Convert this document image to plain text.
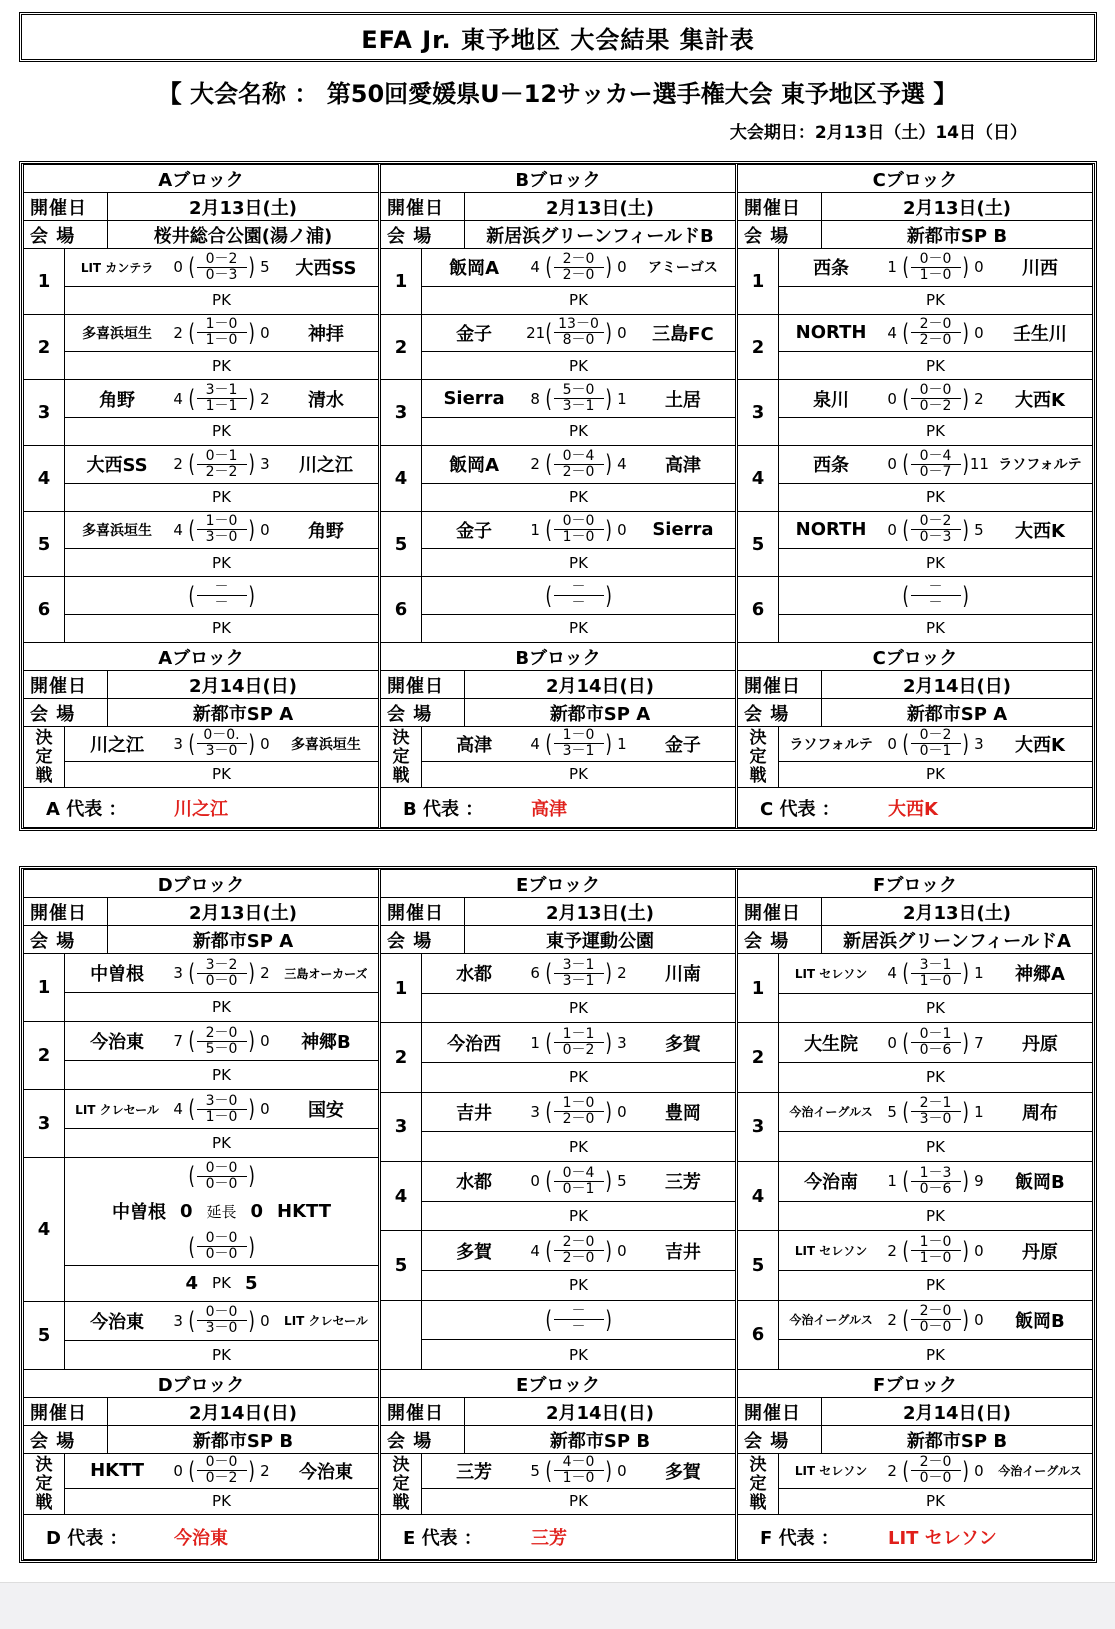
EFA Jr. 東予地区 大会結果 集計表
【 大会名称 ： 第50回愛媛県U－12サッカー選手権大会 東予地区予選 】
大会期日：2月13日（土）14日（日）
Aブロック
開催日	2月13日(土)
会 場	桜井総合公園(湯ノ浦)
1
LIT カンテラ	0 ( $\frac{0-2}{0-3}$ ) 5	大西SS
PK
2
多喜浜垣生	2 ( $\frac{1-0}{1-0}$ ) 0	神拝
PK
3
角野	4 ( $\frac{3-1}{1-1}$ ) 2	清水
PK
4
大西SS	2 ( $\frac{0-1}{2-2}$ ) 3	川之江
PK
5
多喜浜垣生	4 ( $\frac{1-0}{3-0}$ ) 0	角野
PK
6
( $\frac{-}{-}$ )
PK
Aブロック
開催日	2月14日(日)
会 場	新都市SP A
決
定
戦
川之江	3 ( $\frac{0-0.}{3-0}$ ) 0	多喜浜垣生
PK
A 代表 ：	川之江
Bブロック
開催日	2月13日(土)
会 場	新居浜グリーンフィールドB
1
飯岡A	4 ( $\frac{2-0}{2-0}$ ) 0	アミーゴス
PK
2
金子	21 ( $\frac{13-0}{8-0}$ ) 0	三島FC
PK
3
Sierra	8 ( $\frac{5-0}{3-1}$ ) 1	土居
PK
4
飯岡A	2 ( $\frac{0-4}{2-0}$ ) 4	高津
PK
5
金子	1 ( $\frac{0-0}{1-0}$ ) 0	Sierra
PK
6
( $\frac{-}{-}$ )
PK
Bブロック
開催日	2月14日(日)
会 場	新都市SP A
決
定
戦
高津	4 ( $\frac{1-0}{3-1}$ ) 1	金子
PK
B 代表 ：	高津
Cブロック
開催日	2月13日(土)
会 場	新都市SP B
1
西条	1 ( $\frac{0-0}{1-0}$ ) 0	川西
PK
2
NORTH	4 ( $\frac{2-0}{2-0}$ ) 0	壬生川
PK
3
泉川	0 ( $\frac{0-0}{0-2}$ ) 2	大西K
PK
4
西条	0 ( $\frac{0-4}{0-7}$ ) 11 ラソフォルテ
PK
5
NORTH	0 ( $\frac{0-2}{0-3}$ ) 5	大西K
PK
6
( $\frac{-}{-}$ )
PK
Cブロック
開催日	2月14日(日)
会 場	新都市SP A
決
定
戦
ラソフォルテ 0 ( $\frac{0-2}{0-1}$ ) 3	大西K
PK
C 代表 ：	大西K
Dブロック
開催日	2月13日(土)
会 場	新都市SP A
1
中曽根	3 ( $\frac{3-2}{0-0}$ ) 2	三島オーカーズ
PK
2
今治東	7 ( $\frac{2-0}{5-0}$ ) 0	神郷B
PK
3
LIT クレセール 4 ( $\frac{3-0}{1-0}$ ) 0	国安
PK
4
( $\frac{0-0}{0-0}$ )
中曽根 0 延長 0 HKTT
( $\frac{0-0}{0-0}$ )
4 PK 5
5
今治東	3 ( $\frac{0-0}{3-0}$ ) 0	LIT クレセール
PK
Dブロック
開催日	2月14日(日)
会 場	新都市SP B
決
定
戦
HKTT	0 ( $\frac{0-0}{0-2}$ ) 2	今治東
PK
D 代表 ：	今治東
Eブロック
開催日	2月13日(土)
会 場	東予運動公園
1
水都	6 ( $\frac{3-1}{3-1}$ ) 2	川南
PK
2
今治西	1 ( $\frac{1-1}{0-2}$ ) 3	多賀
PK
3
吉井	3 ( $\frac{1-0}{2-0}$ ) 0	豊岡
PK
4
水都	0 ( $\frac{0-4}{0-1}$ ) 5	三芳
PK
5
多賀	4 ( $\frac{2-0}{2-0}$ ) 0	吉井
PK
( $\frac{-}{-}$ )
PK
Eブロック
開催日	2月14日(日)
会 場	新都市SP B
決
定
戦
三芳	5 ( $\frac{4-0}{1-0}$ ) 0	多賀
PK
E 代表 ：	三芳
Fブロック
開催日	2月13日(土)
会 場	新居浜グリーンフィールドA
1
LIT セレソン	4 ( $\frac{3-1}{1-0}$ ) 1	神郷A
PK
2
大生院	0 ( $\frac{0-1}{0-6}$ ) 7	丹原
PK
3
今治イーグルス 5 ( $\frac{2-1}{3-0}$ ) 1	周布
PK
4
今治南	1 ( $\frac{1-3}{0-6}$ ) 9	飯岡B
PK
5
LIT セレソン	2 ( $\frac{1-0}{1-0}$ ) 0	丹原
PK
6
今治イーグルス 2 ( $\frac{2-0}{0-0}$ ) 0	飯岡B
PK
Fブロック
開催日	2月14日(日)
会 場	新都市SP B
決
定
戦
LIT セレソン	2 ( $\frac{2-0}{0-0}$ ) 0	今治イーグルス
PK
F 代表 ：	LIT セレソン
